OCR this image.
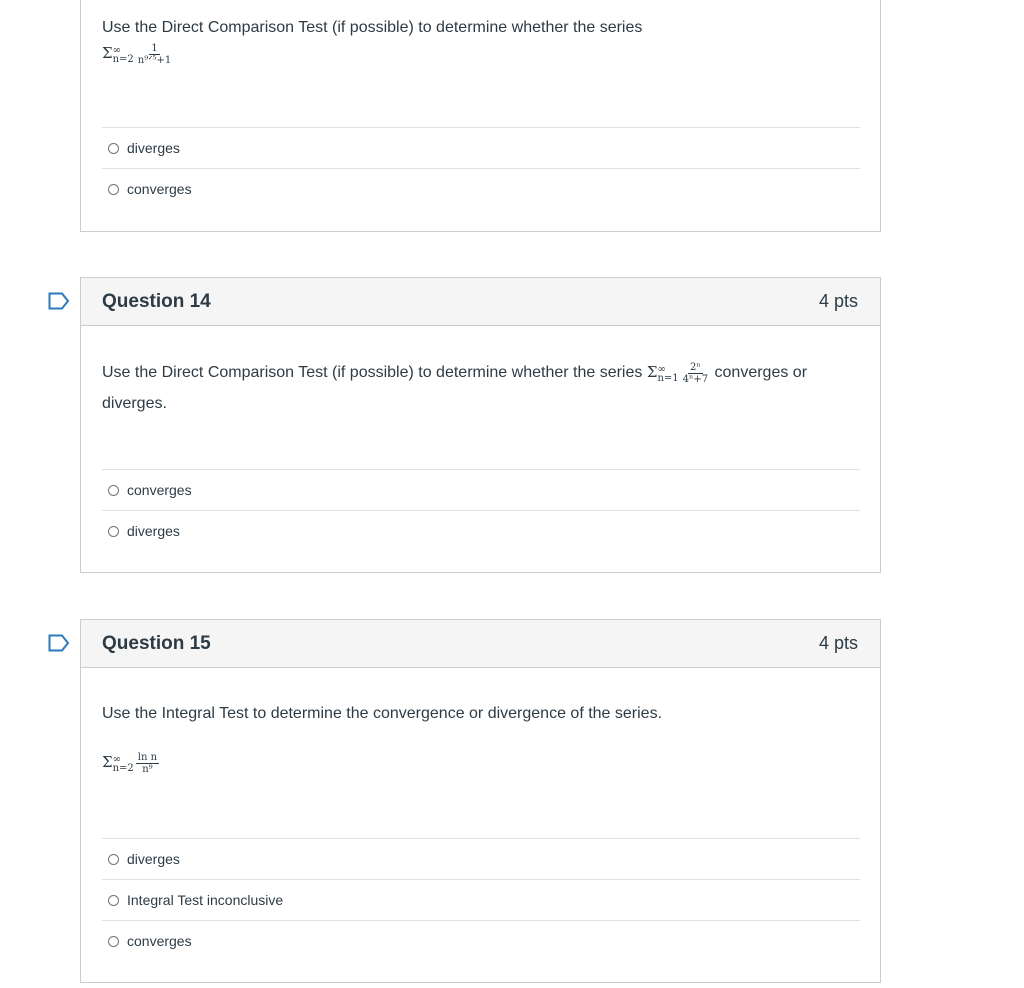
Use the Direct Comparison Test (if possible) to determine whether the series
Σ ∞
$n=2 \frac{1}{\text{n⁹ᐟ⁵+1}}$
diverges
converges
Question 14	4 pts
Use the Direct Comparison Test (if possible) to determine whether the series Σ ∞
$n=1 \frac{\text{2ⁿ}}{\text{4ⁿ+7}}$ converges or
diverges.
converges
diverges
Question 15	4 pts
Use the Integral Test to determine the convergence or divergence of the series.
Σ ∞
$n=2 \frac{\text{ln n}}{\text{n⁹}}$
diverges
Integral Test inconclusive
converges
